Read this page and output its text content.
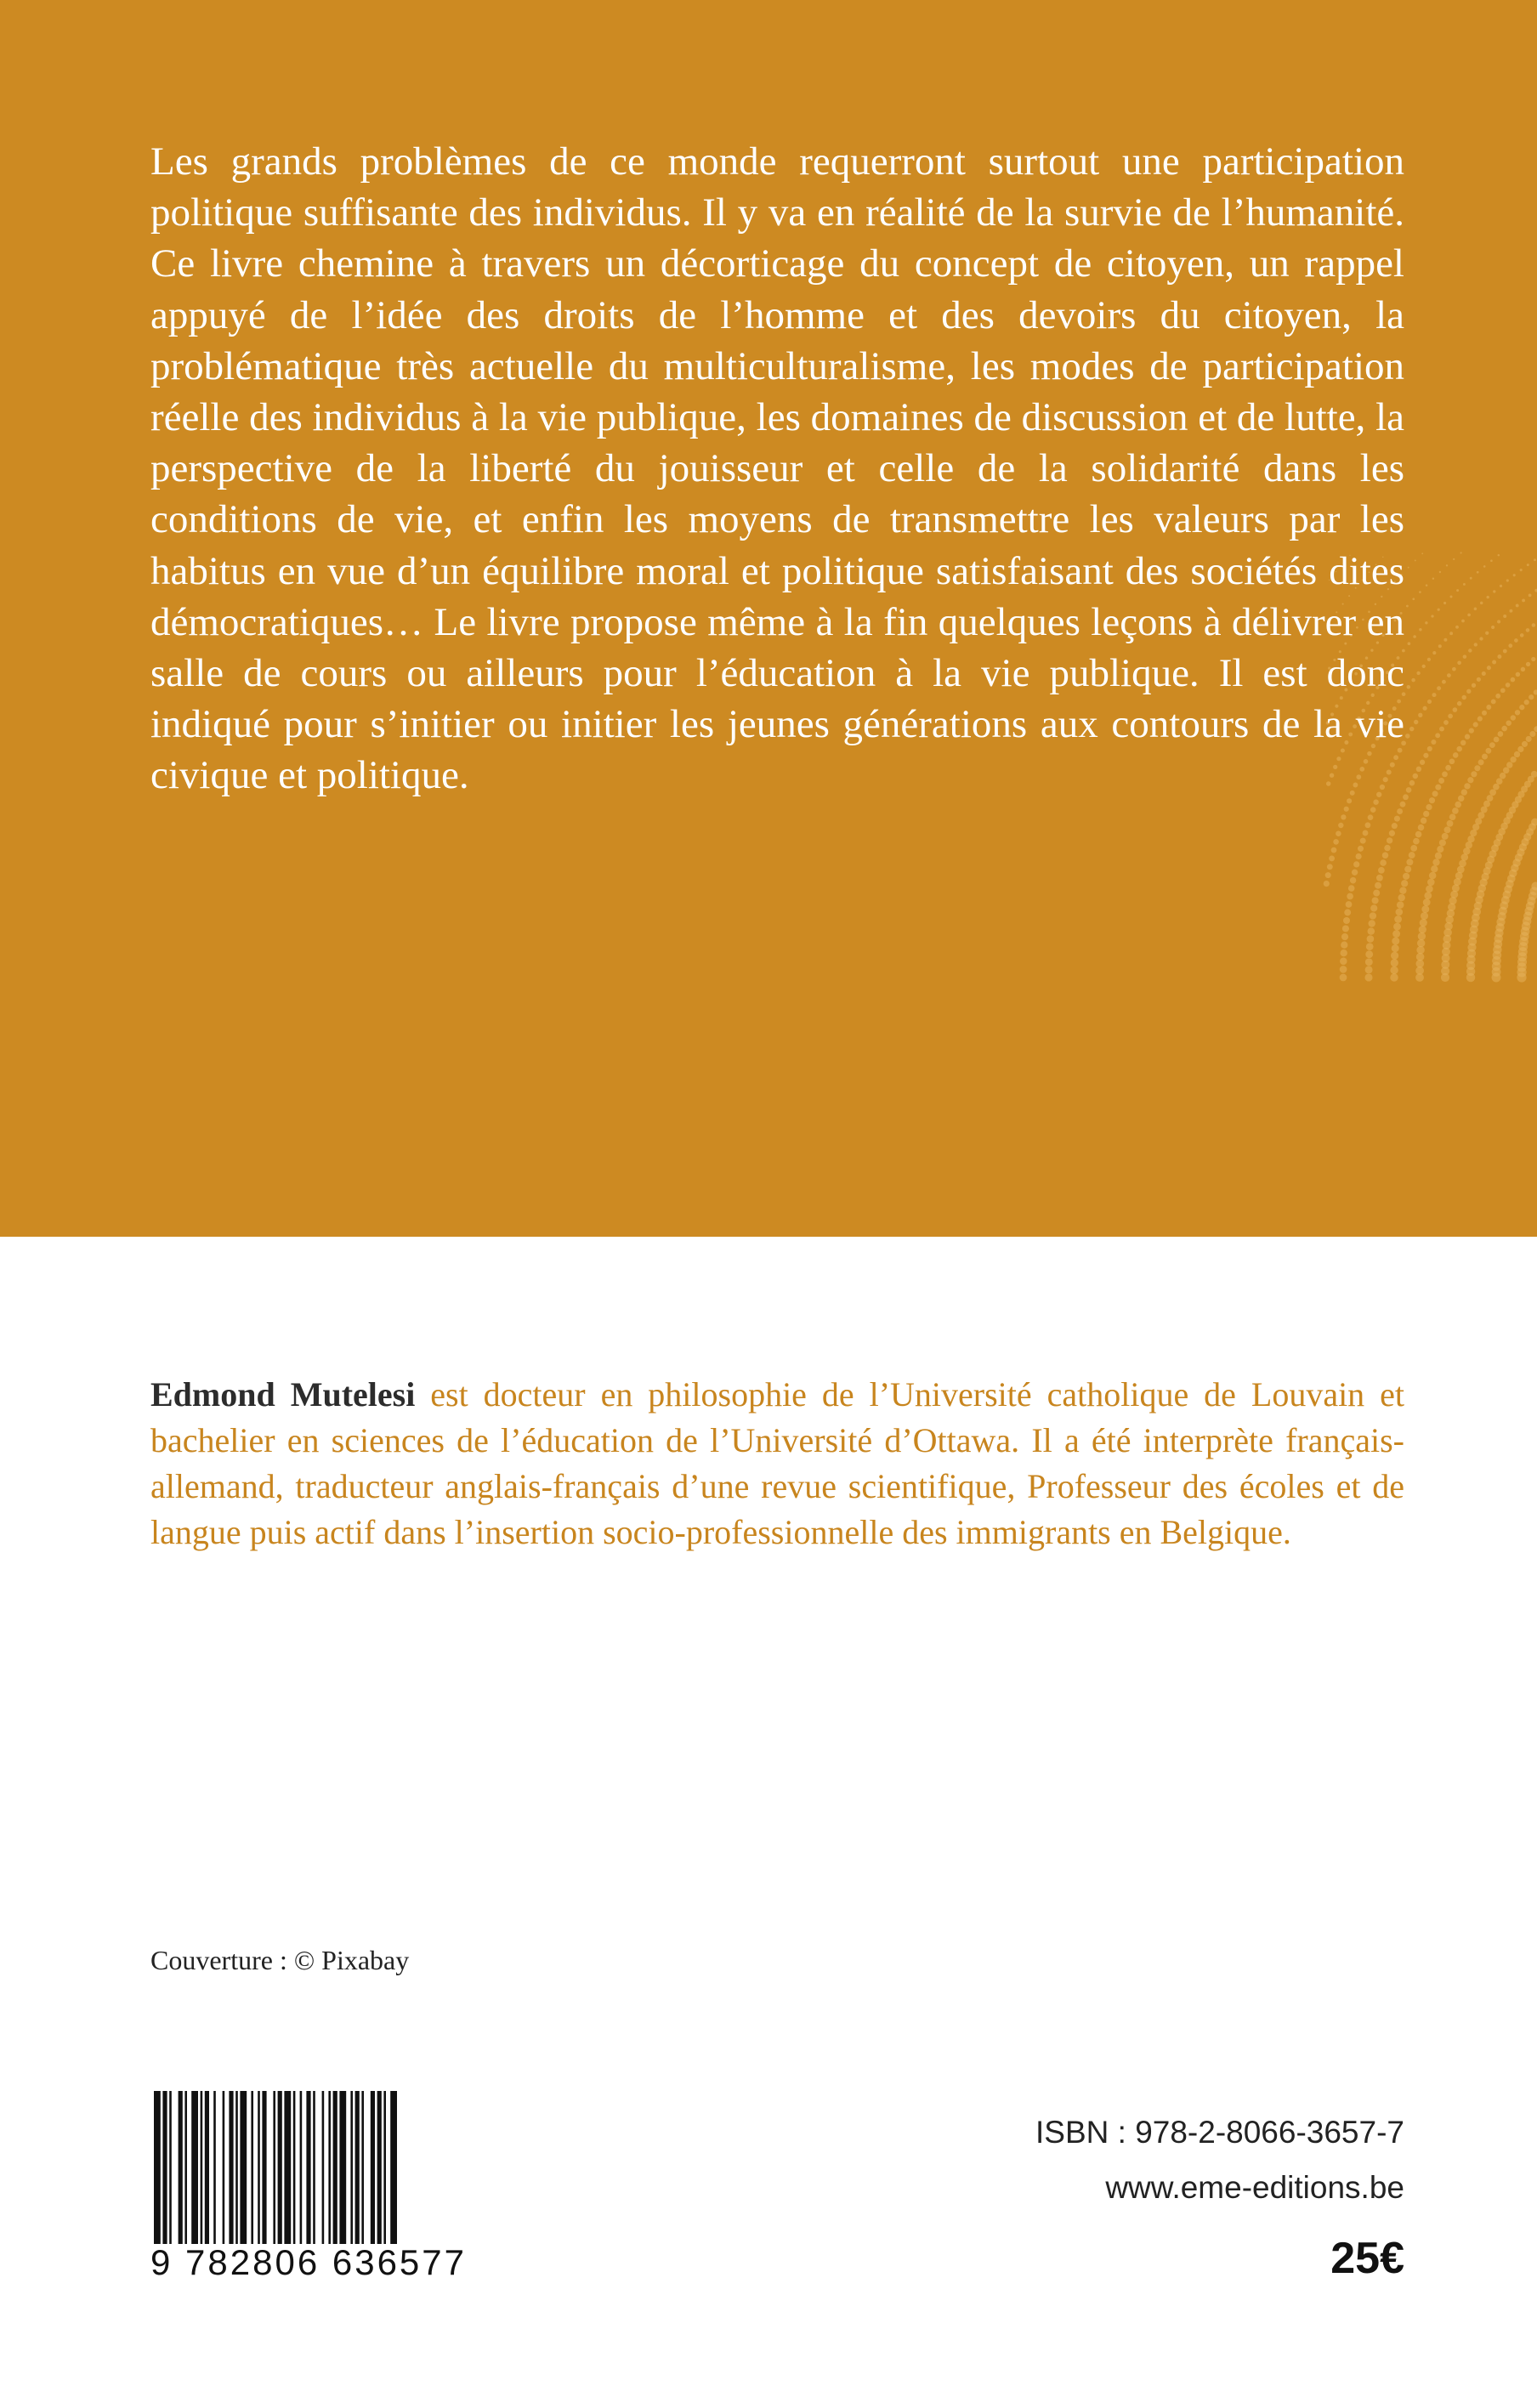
Les grands problèmes de ce monde requerront surtout une participation politique suffisante des individus. Il y va en réalité de la survie de l’humanité. Ce livre chemine à travers un décorticage du concept de citoyen, un rappel appuyé de l’idée des droits de l’homme et des devoirs du citoyen, la problématique très actuelle du multiculturalisme, les modes de participation réelle des individus à la vie publique, les domaines de discussion et de lutte, la perspective de la liberté du jouisseur et celle de la solidarité dans les conditions de vie, et enfin les moyens de transmettre les valeurs par les habitus en vue d’un équilibre moral et politique satisfaisant des sociétés dites démocratiques… Le livre propose même à la fin quelques leçons à délivrer en salle de cours ou ailleurs pour l’éducation à la vie publique. Il est donc indiqué pour s’initier ou initier les jeunes générations aux contours de la vie civique et politique.

Edmond Mutelesi est docteur en philosophie de l’Université catholique de Louvain et bachelier en sciences de l’éducation de l’Université d’Ottawa. Il a été interprète français-allemand, traducteur anglais-français d’une revue scientifique, Professeur des écoles et de langue puis actif dans l’insertion socio-professionnelle des immigrants en Belgique.

Couverture : © Pixabay

9 782806 636577

ISBN : 978-2-8066-3657-7

www.eme-editions.be

25€
